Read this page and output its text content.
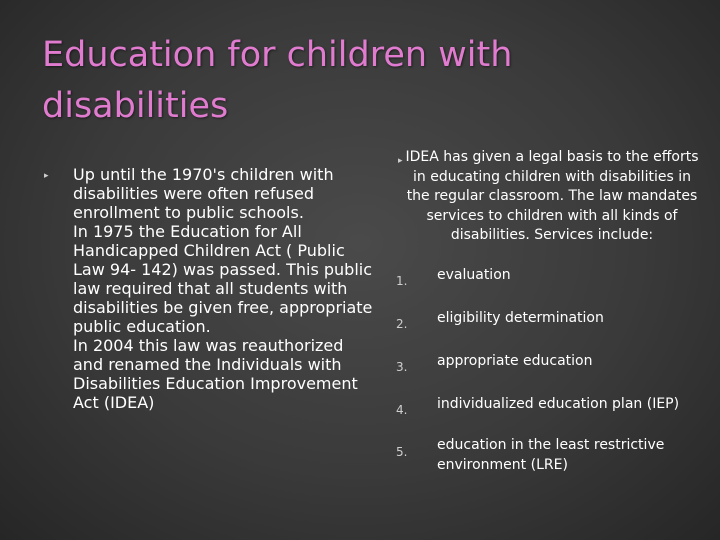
Education for children with disabilities
▸ Up until the 1970's children with disabilities were often refused enrollment to public schools.

In 1975 the Education for All Handicapped Children Act ( Public Law 94- 142) was passed. This public law required that all students with disabilities be given free, appropriate public education.

In 2004 this law was reauthorized and renamed the Individuals with Disabilities Education Improvement Act (IDEA)

▸ IDEA has given a legal basis to the efforts in educating children with disabilities in the regular classroom. The law mandates services to children with all kinds of disabilities. Services include:
1.	evaluation
2.	eligibility determination
3.	appropriate education
4.	individualized education plan (IEP)
5.	education in the least restrictive environment (LRE)
